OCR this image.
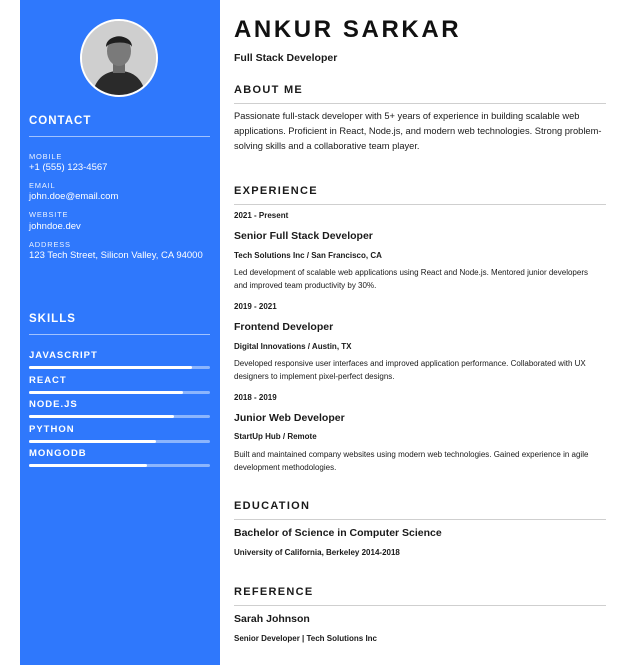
CONTACT
MOBILE
+1 (555) 123-4567
EMAIL
john.doe@email.com
WEBSITE
johndoe.dev
ADDRESS
123 Tech Street, Silicon Valley, CA 94000
SKILLS
JAVASCRIPT
REACT
NODE.JS
PYTHON
MONGODB
ANKUR SARKAR
Full Stack Developer
ABOUT ME
Passionate full-stack developer with 5+ years of experience in building scalable web applications. Proficient in React, Node.js, and modern web technologies. Strong problem-solving skills and a collaborative team player.
EXPERIENCE
2021 - Present
Senior Full Stack Developer
Tech Solutions Inc / San Francisco, CA
Led development of scalable web applications using React and Node.js. Mentored junior developers and improved team productivity by 30%.
2019 - 2021
Frontend Developer
Digital Innovations / Austin, TX
Developed responsive user interfaces and improved application performance. Collaborated with UX designers to implement pixel-perfect designs.
2018 - 2019
Junior Web Developer
StartUp Hub / Remote
Built and maintained company websites using modern web technologies. Gained experience in agile development methodologies.
EDUCATION
Bachelor of Science in Computer Science
University of California, Berkeley 2014-2018
REFERENCE
Sarah Johnson
Senior Developer | Tech Solutions Inc
